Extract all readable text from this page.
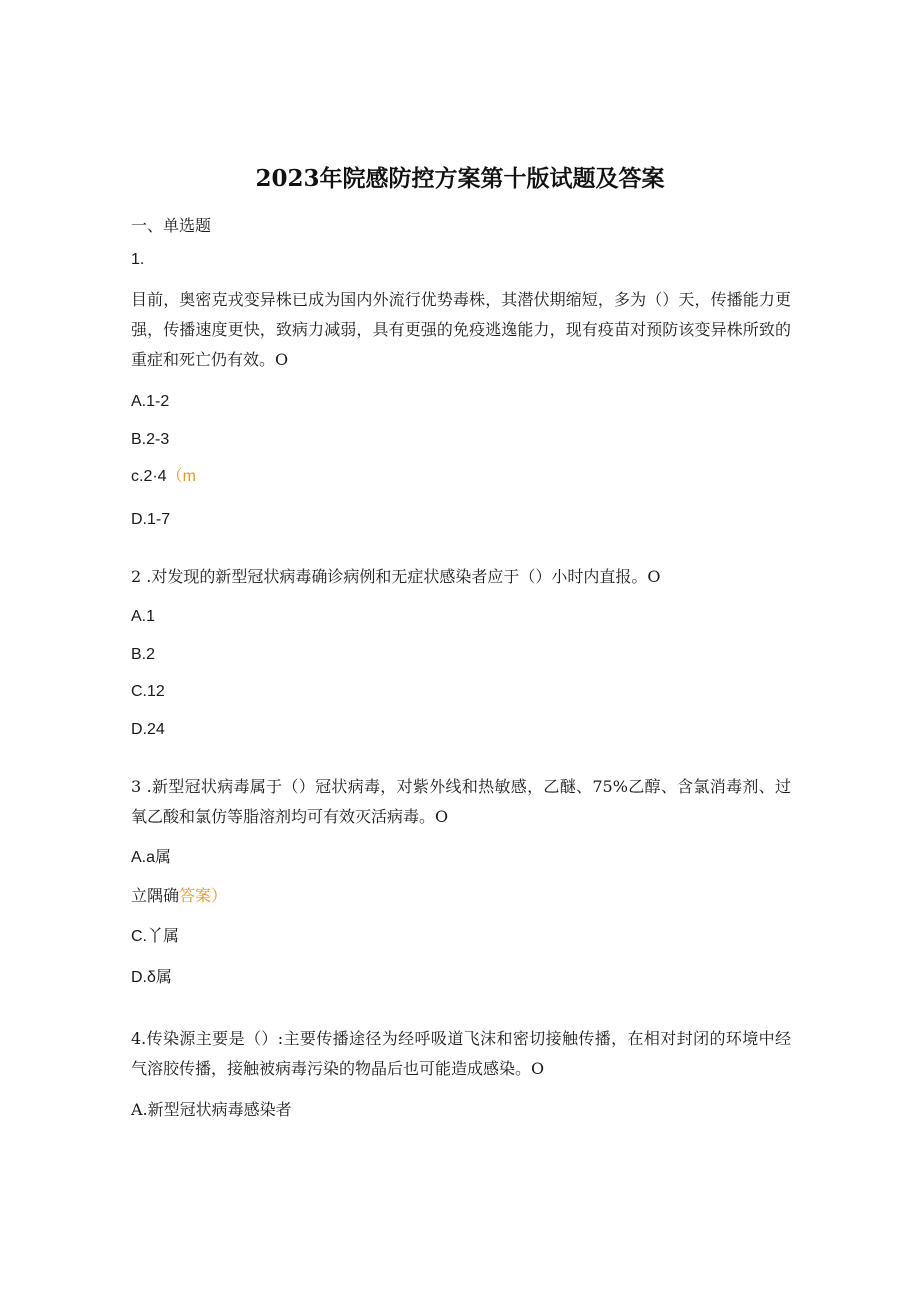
2023年院感防控方案第十版试题及答案
一、单选题
1.
目前，奥密克戎变异株已成为国内外流行优势毒株，其潜伏期缩短，多为（）天，传播能力更强，传播速度更快，致病力减弱，具有更强的免疫逃逸能力，现有疫苗对预防该变异株所致的重症和死亡仍有效。O
A.1-2
B.2-3
c.2·4（m
D.1-7
2 .对发现的新型冠状病毒确诊病例和无症状感染者应于（）小时内直报。O
A.1
B.2
C.12
D.24
3 .新型冠状病毒属于（）冠状病毒，对紫外线和热敏感，乙醚、75%乙醇、含氯消毒剂、过氧乙酸和氯仿等脂溶剂均可有效灭活病毒。O
A.a属
立隅确答案）
C.丫属
D.δ属
4.传染源主要是（）:主要传播途径为经呼吸道飞沫和密切接触传播，在相对封闭的环境中经气溶胶传播，接触被病毒污染的物晶后也可能造成感染。O
A.新型冠状病毒感染者
